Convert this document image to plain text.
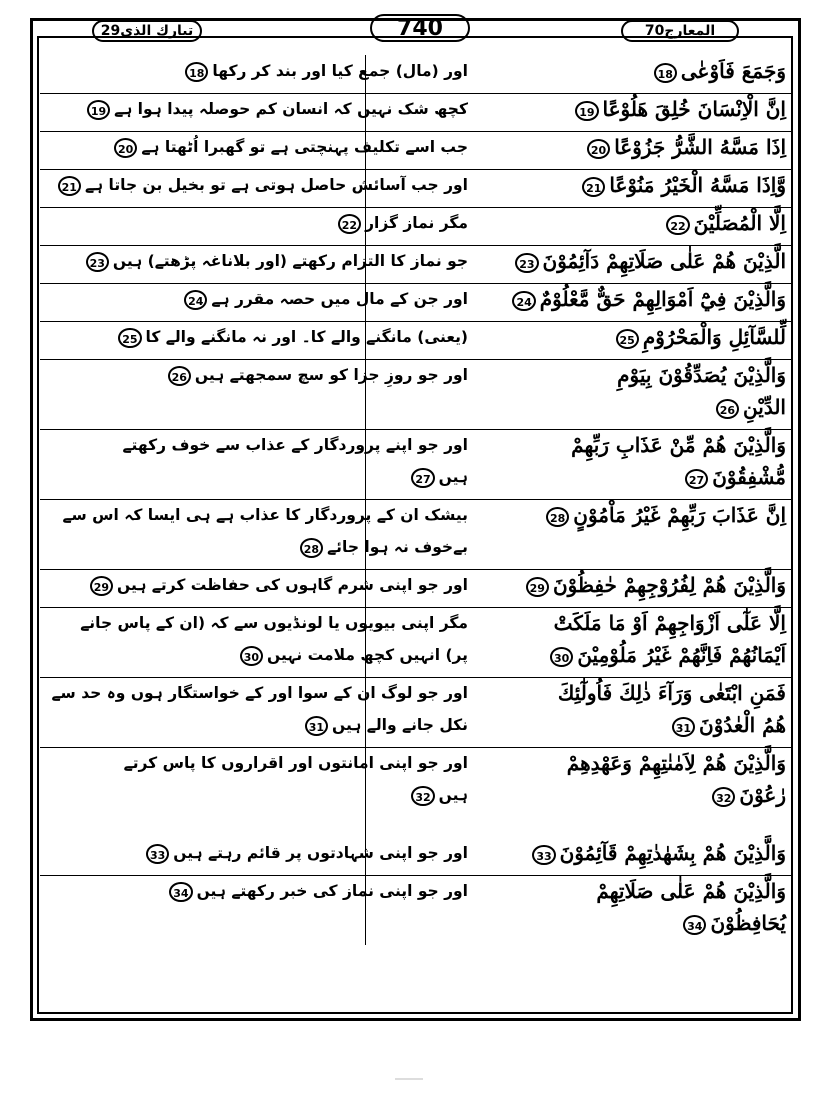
تبارك الذی29	740	المعارج70
وَجَمَعَ فَاَوْعٰی18
اور (مال) جمع کیا اور بند کر رکھا18
اِنَّ الْاِنْسَانَ خُلِقَ هَلُوْعًا19
کچھ شک نہیں کہ انسان کم حوصلہ پیدا ہوا ہے19
اِذَا مَسَّهُ الشَّرُّ جَزُوْعًا20
جب اسے تکلیف پہنچتی ہے تو گھبرا اُٹھتا ہے20
وَّاِذَا مَسَّهُ الْخَيْرُ مَنُوْعًا21
اور جب آسائش حاصل ہوتی ہے تو بخیل بن جاتا ہے21
اِلَّا الْمُصَلِّيْنَ22
مگر نماز گزار22
الَّذِيْنَ هُمْ عَلٰى صَلَاتِهِمْ دَآئِمُوْنَ23
جو نماز کا التزام رکھتے (اور بلاناغہ پڑھتے) ہیں23
وَالَّذِيْنَ فِيْٓ اَمْوَالِهِمْ حَقٌّ مَّعْلُوْمٌ24
اور جن کے مال میں حصہ مقرر ہے24
لِّلسَّآئِلِ وَالْمَحْرُوْمِ25
(یعنی) مانگنے والے کا۔ اور نہ مانگنے والے کا25
وَالَّذِيْنَ يُصَدِّقُوْنَ بِيَوْمِ
الدِّيْنِ26
اور جو روزِ جزا کو سچ سمجھتے ہیں26
وَالَّذِيْنَ هُمْ مِّنْ عَذَابِ رَبِّهِمْ
مُّشْفِقُوْنَ27
اور جو اپنے پروردگار کے عذاب سے خوف رکھتے
ہیں27
اِنَّ عَذَابَ رَبِّهِمْ غَيْرُ مَاْمُوْنٍ28
بیشک ان کے پروردگار کا عذاب ہے ہی ایسا کہ اس سے
بےخوف نہ ہوا جائے28
وَالَّذِيْنَ هُمْ لِفُرُوْجِهِمْ حٰفِظُوْنَ29
اور جو اپنی شرم گاہوں کی حفاظت کرتے ہیں29
اِلَّا عَلٰٓى اَزْوَاجِهِمْ اَوْ مَا مَلَكَتْ
اَيْمَانُهُمْ فَاِنَّهُمْ غَيْرُ مَلُوْمِيْنَ30
مگر اپنی بیویوں یا لونڈیوں سے کہ (ان کے پاس جانے
پر) انہیں کچھ ملامت نہیں30
فَمَنِ ابْتَغٰى وَرَآءَ ذٰلِكَ فَاُولٰٓئِكَ
هُمُ الْعٰدُوْنَ31
اور جو لوگ ان کے سوا اور کے خواستگار ہوں وہ حد سے
نکل جانے والے ہیں31
وَالَّذِيْنَ هُمْ لِاَمٰنٰتِهِمْ وَعَهْدِهِمْ
رٰعُوْنَ32
اور جو اپنی امانتوں اور اقراروں کا پاس کرتے
ہیں32
وَالَّذِيْنَ هُمْ بِشَهٰدٰتِهِمْ قَآئِمُوْنَ33
اور جو اپنی شہادتوں پر قائم رہتے ہیں33
وَالَّذِيْنَ هُمْ عَلٰى صَلَاتِهِمْ
يُحَافِظُوْنَ34
اور جو اپنی نماز کی خبر رکھتے ہیں34
